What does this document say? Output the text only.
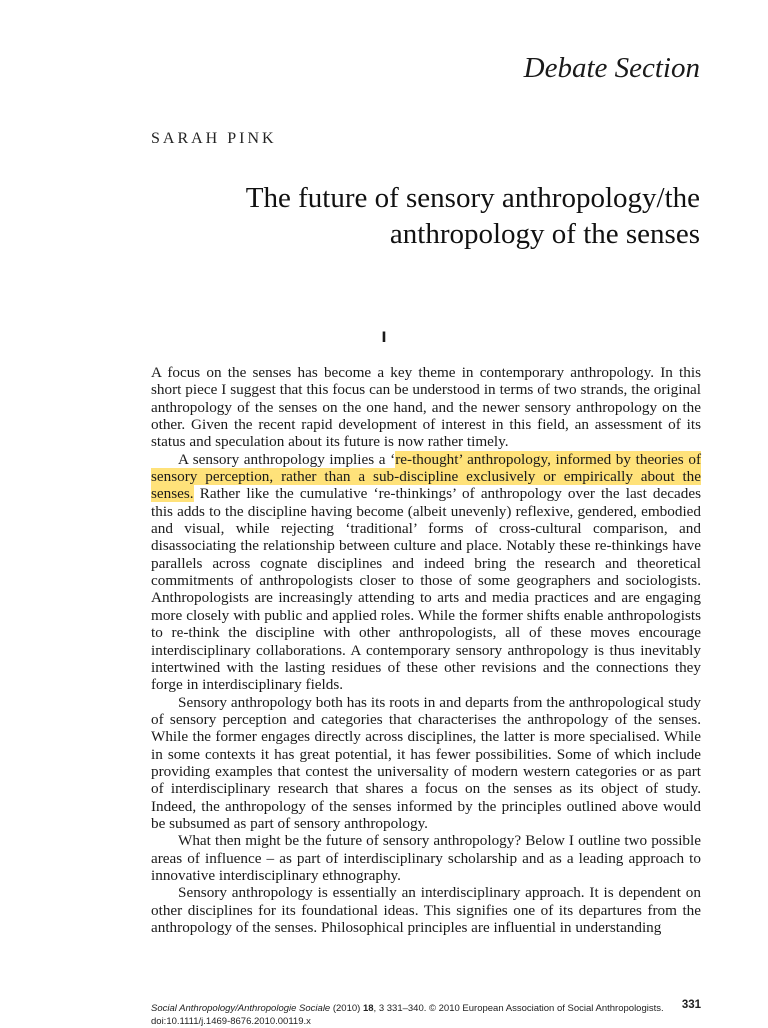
Debate Section
SARAH PINK
The future of sensory anthropology/the anthropology of the senses
I

A focus on the senses has become a key theme in contemporary anthropology. In this short piece I suggest that this focus can be understood in terms of two strands, the original anthropology of the senses on the one hand, and the newer sensory anthropology on the other. Given the recent rapid development of interest in this field, an assessment of its status and speculation about its future is now rather timely.

A sensory anthropology implies a ‘re-thought’ anthropology, informed by theories of sensory perception, rather than a sub-discipline exclusively or empirically about the senses. Rather like the cumulative ‘re-thinkings’ of anthropology over the last decades this adds to the discipline having become (albeit unevenly) reflexive, gendered, embodied and visual, while rejecting ‘traditional’ forms of cross-cultural comparison, and disassociating the relationship between culture and place. Notably these re-thinkings have parallels across cognate disciplines and indeed bring the research and theoretical commitments of anthropologists closer to those of some geographers and sociologists. Anthropologists are increasingly attending to arts and media practices and are engaging more closely with public and applied roles. While the former shifts enable anthropologists to re-think the discipline with other anthropologists, all of these moves encourage interdisciplinary collaborations. A contemporary sensory anthropology is thus inevitably intertwined with the lasting residues of these other revisions and the connections they forge in interdisciplinary fields.

Sensory anthropology both has its roots in and departs from the anthropological study of sensory perception and categories that characterises the anthropology of the senses. While the former engages directly across disciplines, the latter is more specialised. While in some contexts it has great potential, it has fewer possibilities. Some of which include providing examples that contest the universality of modern western categories or as part of interdisciplinary research that shares a focus on the senses as its object of study. Indeed, the anthropology of the senses informed by the principles outlined above would be subsumed as part of sensory anthropology.

What then might be the future of sensory anthropology? Below I outline two possible areas of influence – as part of interdisciplinary scholarship and as a leading approach to innovative interdisciplinary ethnography.

Sensory anthropology is essentially an interdisciplinary approach. It is dependent on other disciplines for its foundational ideas. This signifies one of its departures from the anthropology of the senses. Philosophical principles are influential in understanding

Social Anthropology/Anthropologie Sociale (2010) 18, 3 331–340. © 2010 European Association of Social Anthropologists.
doi:10.1111/j.1469-8676.2010.00119.x
331
